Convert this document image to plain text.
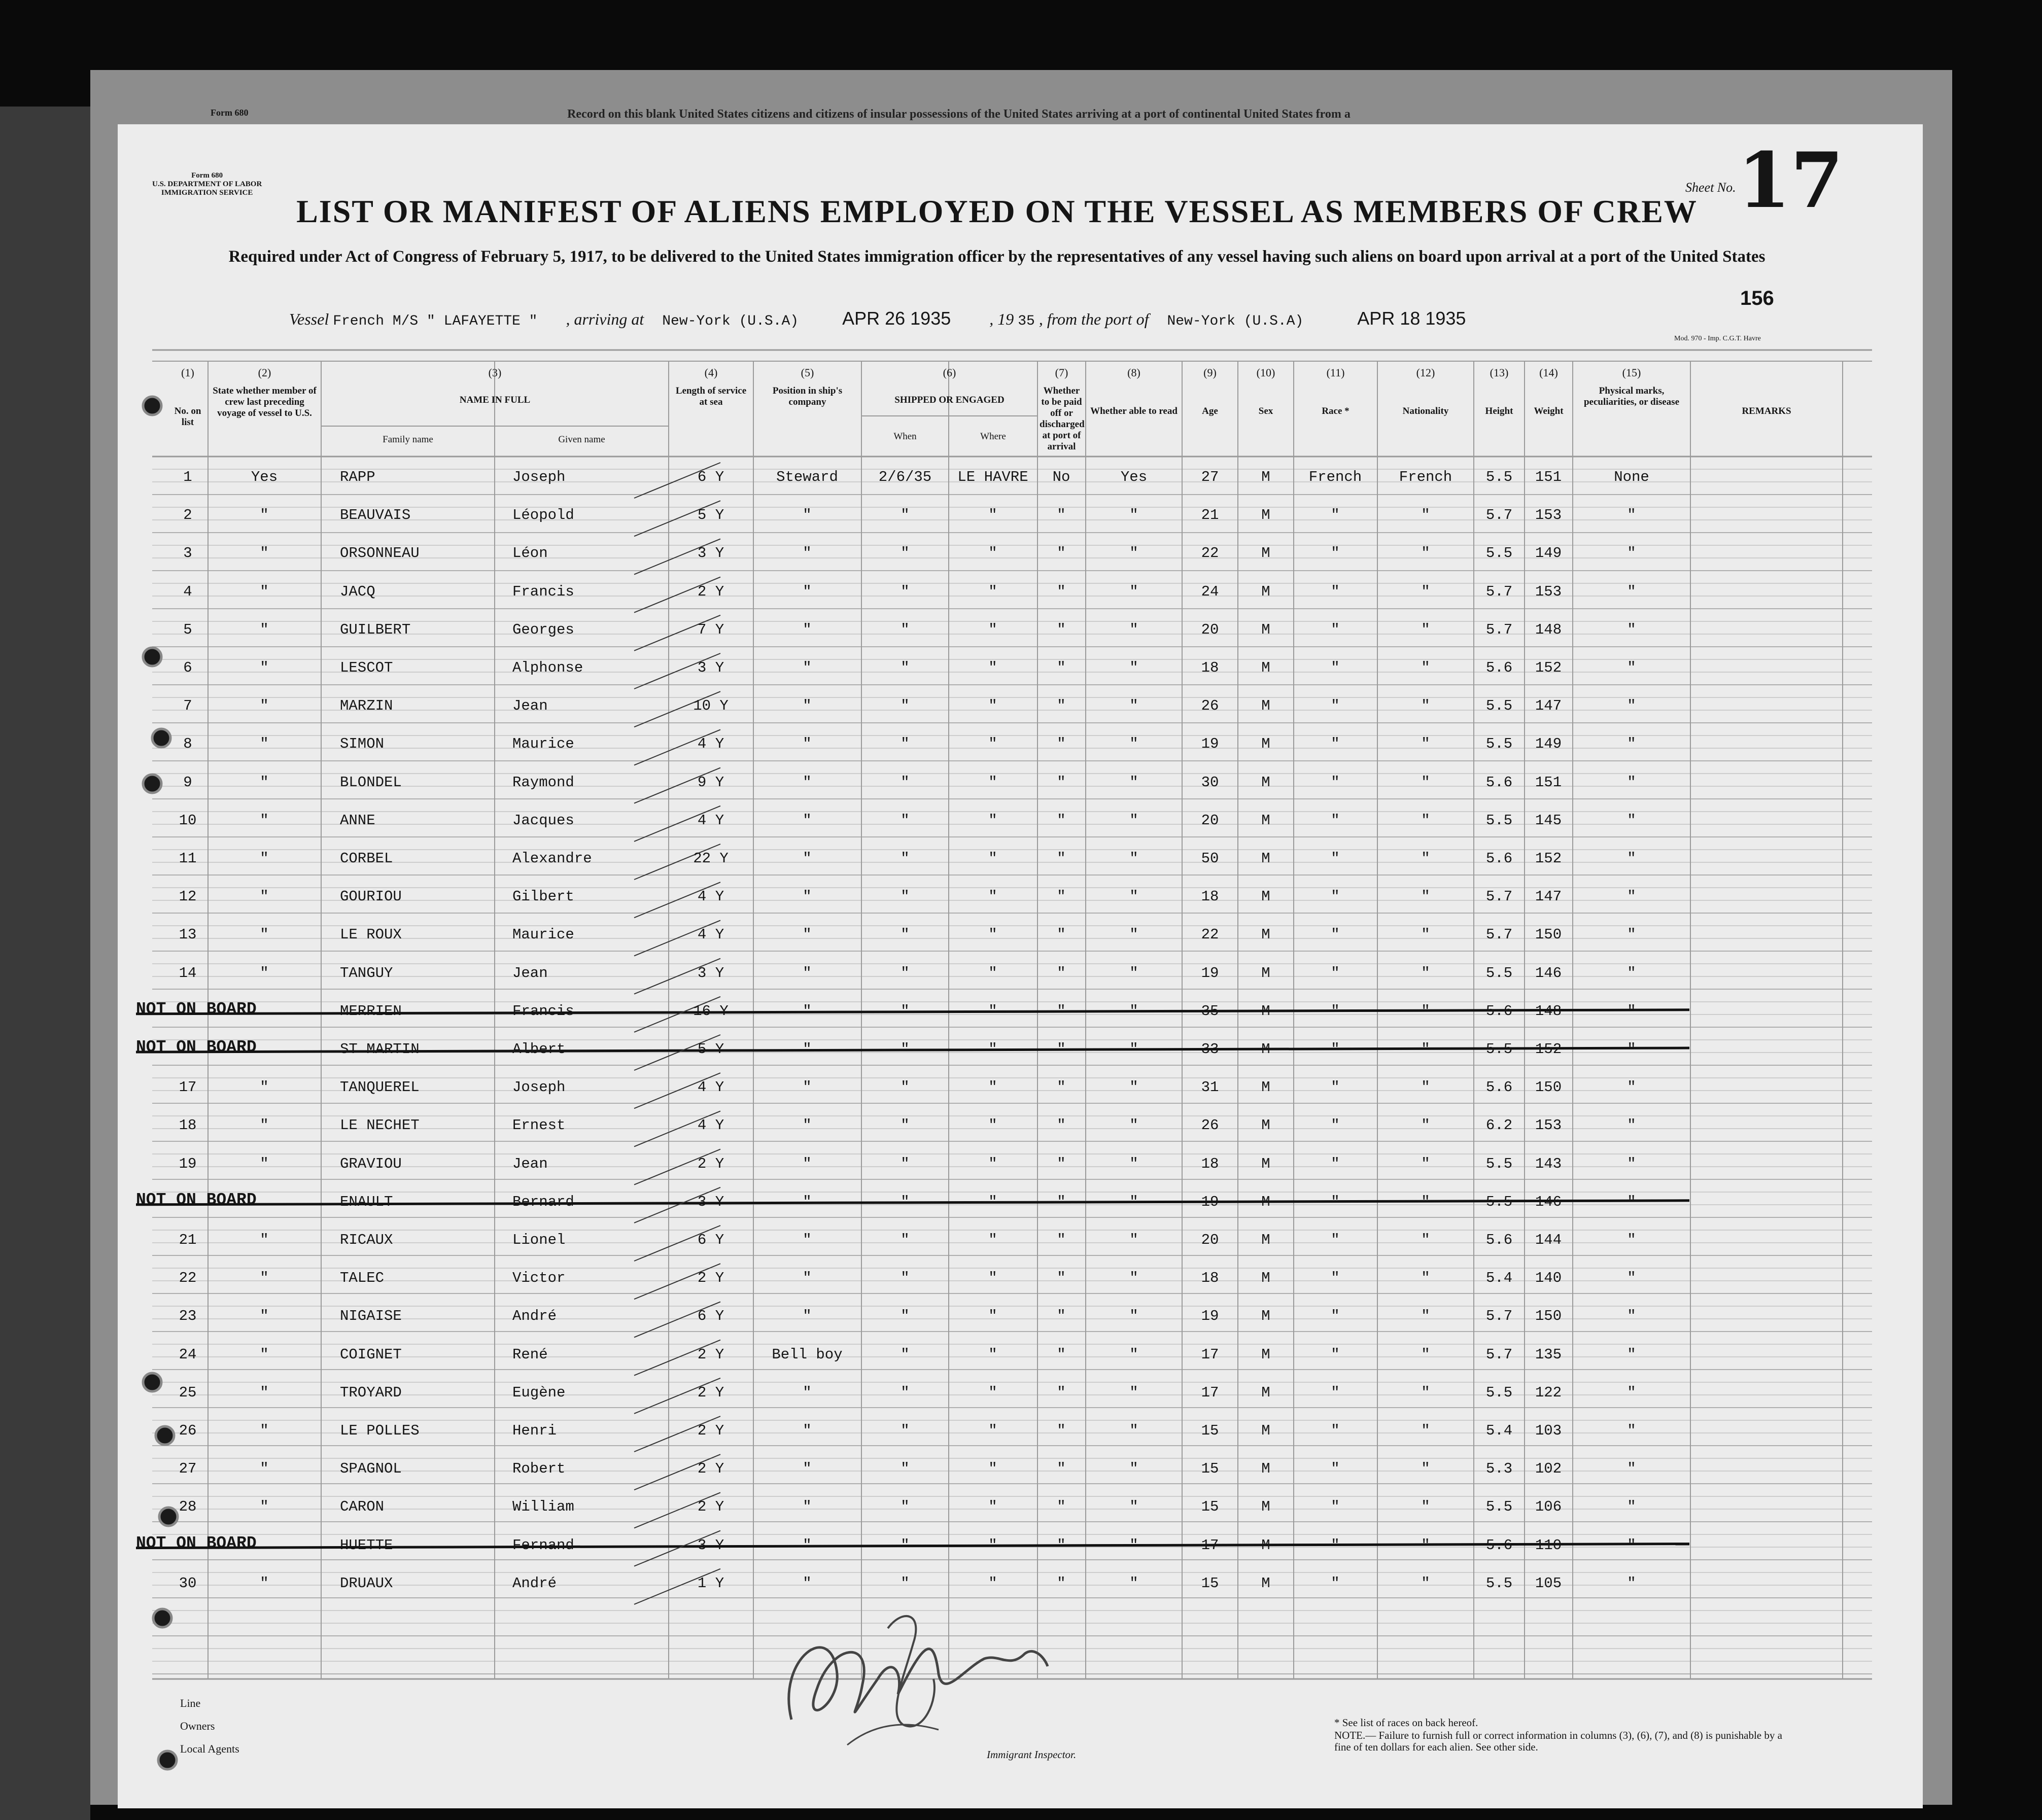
Form 680	Record on this blank United States citizens and citizens of insular possessions of the United States arriving at a port of continental United States from a
Form 680
U.S. DEPARTMENT OF LABOR
IMMIGRATION SERVICE
LIST OR MANIFEST OF ALIENS EMPLOYED ON THE VESSEL AS MEMBERS OF CREW
Sheet No. 17
Required under Act of Congress of February 5, 1917, to be delivered to the United States immigration officer by the representatives of any vessel having such aliens on board upon arrival at a port of the United States
156
Vessel French M/S " LAFAYETTE " , arriving at New-York (U.S.A) APR 26 1935 , 19 35 , from the port of New-York (U.S.A)	APR 18 1935
Mod. 970 - Imp. C.G.T. Havre
(1)
No. on list
(2)
State whether member of crew last preceding voyage of vessel to U.S.
(3)
NAME IN FULL
Family name	Given name
(4)
Length of service at sea
(5)
Position in ship's company
(6)
SHIPPED OR ENGAGED
When	Where
(7)
Whether to be paid off or discharged at port of arrival
(8)
Whether able to read
(9)
Age
(10)
Sex
(11)
Race *
(12)
Nationality
(13)
Height
(14)
Weight
(15)
Physical marks, peculiarities, or disease
REMARKS
1	Yes	RAPP	Joseph	6 Y	Steward	2/6/35	LE HAVRE	No	Yes	27	M	French	French	5.5	151	None
2	"	BEAUVAIS	Léopold	5 Y	"	"	"	"	"	21	M	"	"	5.7	153	"
3	"	ORSONNEAU	Léon	3 Y	"	"	"	"	"	22	M	"	"	5.5	149	"
4	"	JACQ	Francis	2 Y	"	"	"	"	"	24	M	"	"	5.7	153	"
5	"	GUILBERT	Georges	7 Y	"	"	"	"	"	20	M	"	"	5.7	148	"
6	"	LESCOT	Alphonse	3 Y	"	"	"	"	"	18	M	"	"	5.6	152	"
7	"	MARZIN	Jean	10 Y	"	"	"	"	"	26	M	"	"	5.5	147	"
8	"	SIMON	Maurice	4 Y	"	"	"	"	"	19	M	"	"	5.5	149	"
9	"	BLONDEL	Raymond	9 Y	"	"	"	"	"	30	M	"	"	5.6	151	"
10	"	ANNE	Jacques	4 Y	"	"	"	"	"	20	M	"	"	5.5	145	"
11	"	CORBEL	Alexandre	22 Y	"	"	"	"	"	50	M	"	"	5.6	152	"
12	"	GOURIOU	Gilbert	4 Y	"	"	"	"	"	18	M	"	"	5.7	147	"
13	"	LE ROUX	Maurice	4 Y	"	"	"	"	"	22	M	"	"	5.7	150	"
14	"	TANGUY	Jean	3 Y	"	"	"	"	"	19	M	"	"	5.5	146	"
MERRIEN	Francis	16 Y	"	"	"	"	"	35	M	"	"	5.6	148	"
NOT ON BOARD
ST MARTIN	Albert	5 Y	"	"	"	"	"	33	M	"	"	5.5	152	"
NOT ON BOARD
17	"	TANQUEREL	Joseph	4 Y	"	"	"	"	"	31	M	"	"	5.6	150	"
18	"	LE NECHET	Ernest	4 Y	"	"	"	"	"	26	M	"	"	6.2	153	"
19	"	GRAVIOU	Jean	2 Y	"	"	"	"	"	18	M	"	"	5.5	143	"
ENAULT	Bernard	3 Y	"	"	"	"	"	19	M	"	"	5.5	146	"
NOT ON BOARD
21	"	RICAUX	Lionel	6 Y	"	"	"	"	"	20	M	"	"	5.6	144	"
22	"	TALEC	Victor	2 Y	"	"	"	"	"	18	M	"	"	5.4	140	"
23	"	NIGAISE	André	6 Y	"	"	"	"	"	19	M	"	"	5.7	150	"
24	"	COIGNET	René	2 Y	Bell boy	"	"	"	"	17	M	"	"	5.7	135	"
25	"	TROYARD	Eugène	2 Y	"	"	"	"	"	17	M	"	"	5.5	122	"
26	"	LE POLLES	Henri	2 Y	"	"	"	"	"	15	M	"	"	5.4	103	"
27	"	SPAGNOL	Robert	2 Y	"	"	"	"	"	15	M	"	"	5.3	102	"
28	"	CARON	William	2 Y	"	"	"	"	"	15	M	"	"	5.5	106	"
HUETTE	Fernand	3 Y	"	"	"	"	"	17	M	"	"	5.6	110	"
NOT ON BOARD
30	"	DRUAUX	André	1 Y	"	"	"	"	"	15	M	"	"	5.5	105	"
Line
Owners
Local Agents	Immigrant Inspector.
* See list of races on back hereof.
NOTE.— Failure to furnish full or correct information in columns (3), (6), (7), and (8) is punishable by a fine of ten dollars for each alien. See other side.
